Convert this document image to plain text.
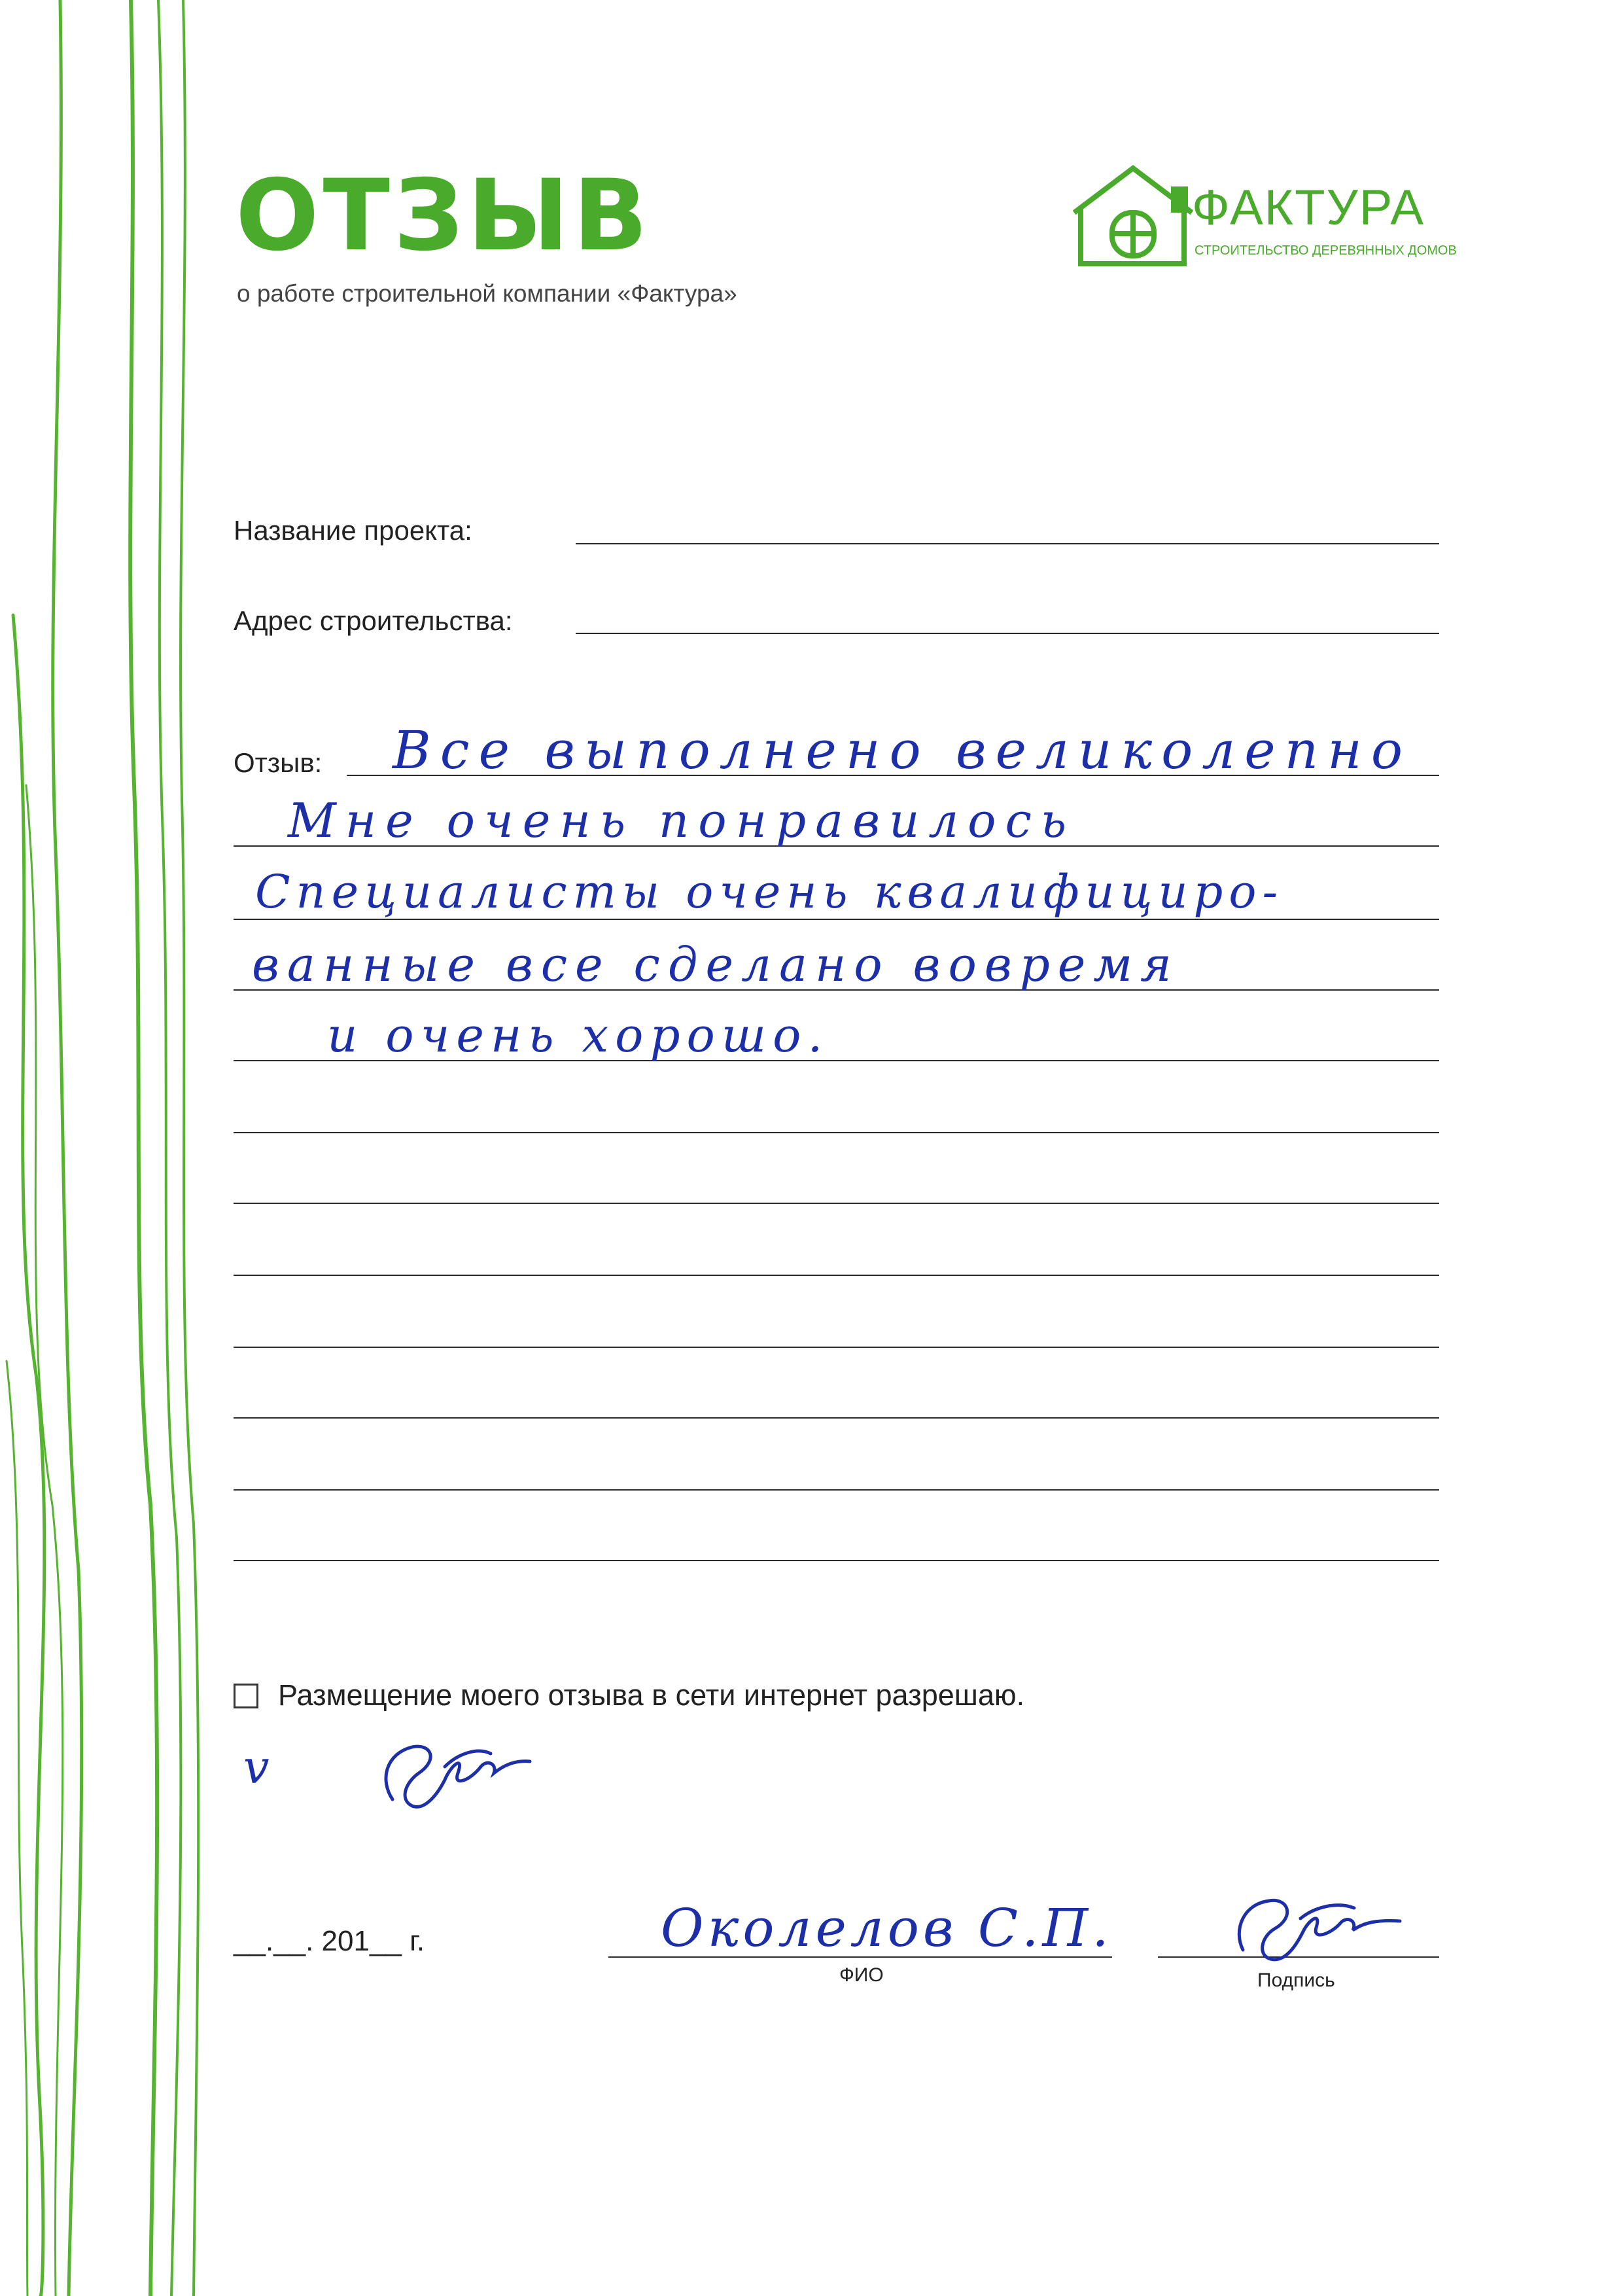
ОТЗЫВ
о работе строительной компании «Фактура»
ФАКТУРА
СТРОИТЕЛЬСТВО ДЕРЕВЯННЫХ ДОМОВ
Название проекта:
Адрес строительства:
Отзыв: Все выполнено великолепно
Мне очень понравилось
Специалисты очень квалифициро-
ванные все сделано вовремя
и очень хорошо.
Размещение моего отзыва в сети интернет разрешаю.
v
__.__. 201__ г.	Околелов С.П.
ФИО	Подпись
